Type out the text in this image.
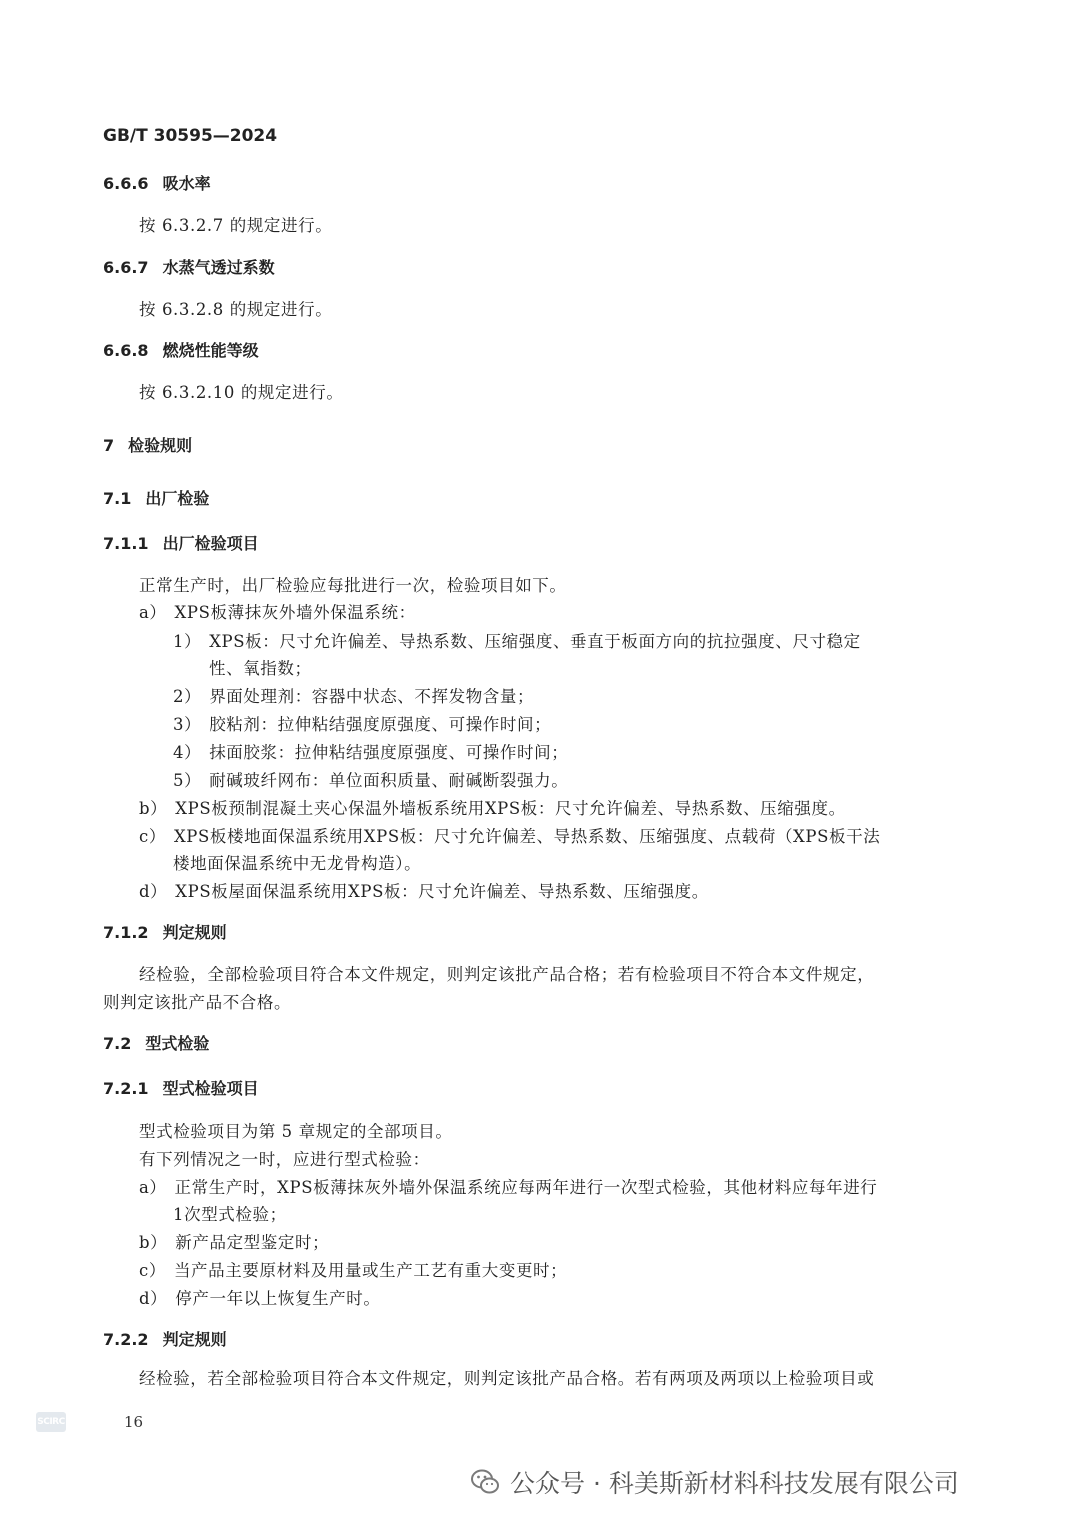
GB/T 30595—2024
6.6.6 吸水率
按 6.3.2.7 的规定进行。
6.6.7 水蒸气透过系数
按 6.3.2.8 的规定进行。
6.6.8 燃烧性能等级
按 6.3.2.10 的规定进行。
7 检验规则
7.1 出厂检验
7.1.1 出厂检验项目
正常生产时，出厂检验应每批进行一次，检验项目如下。
a） XPS板薄抹灰外墙外保温系统：
1） XPS板：尺寸允许偏差、导热系数、压缩强度、垂直于板面方向的抗拉强度、尺寸稳定
性、氧指数；
2） 界面处理剂：容器中状态、不挥发物含量；
3） 胶粘剂：拉伸粘结强度原强度、可操作时间；
4） 抹面胶浆：拉伸粘结强度原强度、可操作时间；
5） 耐碱玻纤网布：单位面积质量、耐碱断裂强力。
b） XPS板预制混凝土夹心保温外墙板系统用XPS板：尺寸允许偏差、导热系数、压缩强度。
c） XPS板楼地面保温系统用XPS板：尺寸允许偏差、导热系数、压缩强度、点载荷（XPS板干法
楼地面保温系统中无龙骨构造）。
d） XPS板屋面保温系统用XPS板：尺寸允许偏差、导热系数、压缩强度。
7.1.2 判定规则
经检验，全部检验项目符合本文件规定，则判定该批产品合格；若有检验项目不符合本文件规定，
则判定该批产品不合格。
7.2 型式检验
7.2.1 型式检验项目
型式检验项目为第 5 章规定的全部项目。
有下列情况之一时，应进行型式检验：
a） 正常生产时，XPS板薄抹灰外墙外保温系统应每两年进行一次型式检验，其他材料应每年进行
1次型式检验；
b） 新产品定型鉴定时；
c） 当产品主要原材料及用量或生产工艺有重大变更时；
d） 停产一年以上恢复生产时。
7.2.2 判定规则
经检验，若全部检验项目符合本文件规定，则判定该批产品合格。若有两项及两项以上检验项目或
SCIRC	16
公众号 · 科美斯新材料科技发展有限公司
